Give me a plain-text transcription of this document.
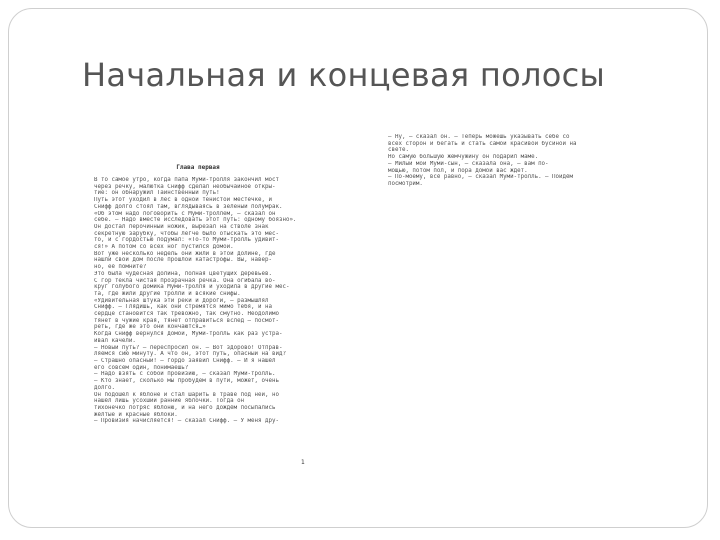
Начальная и концевая полосы
— Ну, — сказал он. — Теперь можешь указывать себе со
всех сторон и бегать и стать самой красивой бусиной на
свете.
Но самую большую жемчужину он подарил маме.
— Милый мой Муми-сын, — сказала она, — вам по-
мощью, потом пол, и пора домой вас ждет.
— По-моему, всё равно, — сказал Муми-тролль. — Пойдём
посмотрим.
Глава первая
В то самое утро, когда папа Муми-тролля закончил мост
через речку, малютка Снифф сделал необычайное откры-
тие: он обнаружил Таинственный путь!
Путь этот уходил в лес в одной тенистой местечке, и
Снифф долго стоял там, вглядываясь в зеленый полумрак.
«Об этом надо поговорить с Муми-троллем, — сказал он
себе. — Надо вместе исследовать этот путь: одному боязно».
Он достал перочинный ножик, вырезал на стволе знак
секретную зарубку, чтобы легче было отыскать это мес-
то, и с гордостью подумал: «То-то Муми-тролль удивит-
ся!» А потом со всех ног пустился домой.
Вот уже несколько недель они жили в этой долине, где
нашли свой дом после прошлой катастрофы. Вы, навер-
но, её помните?
Это была чудесная долина, полная цветущих деревьев.
С гор текла чистая прозрачная речка. Она огибала во-
круг голубого домика Муми-тролля и уходила в другие мес-
та, где жили другие тролли и всякие снифы.
«Удивительная штука эти реки и дороги, — размышлял
Снифф. — Глядишь, как они стремятся мимо тебя, и на
сердце становится так тревожно, так смутно. Неодолимо
тянет в чужие края, тянет отправиться вслед — посмот-
реть, где же это они кончаются…»
Когда Снифф вернулся домой, Муми-тролль как раз устра-
ивал качели.
— Новый путь? — переспросил он. — Вот здорово! Отправ-
ляемся сию минуту. А что он, этот путь, опасный на вид?
— Страшно опасный! — гордо заявил Снифф. — И я нашёл
его совсем один, понимаешь?
— Надо взять с собой провизию, — сказал Муми-тролль.
— Кто знает, сколько мы пробудем в пути, может, очень
долго.
Он подошёл к яблоне и стал шарить в траве под ней, но
нашёл лишь усохший ранние яблочки. Тогда он
тихонечко потряс яблоню, и на него дождём посыпались
жёлтые и красные яблоки.
— Провизия начисляется! — сказал Снифф. — У меня дру-
1
